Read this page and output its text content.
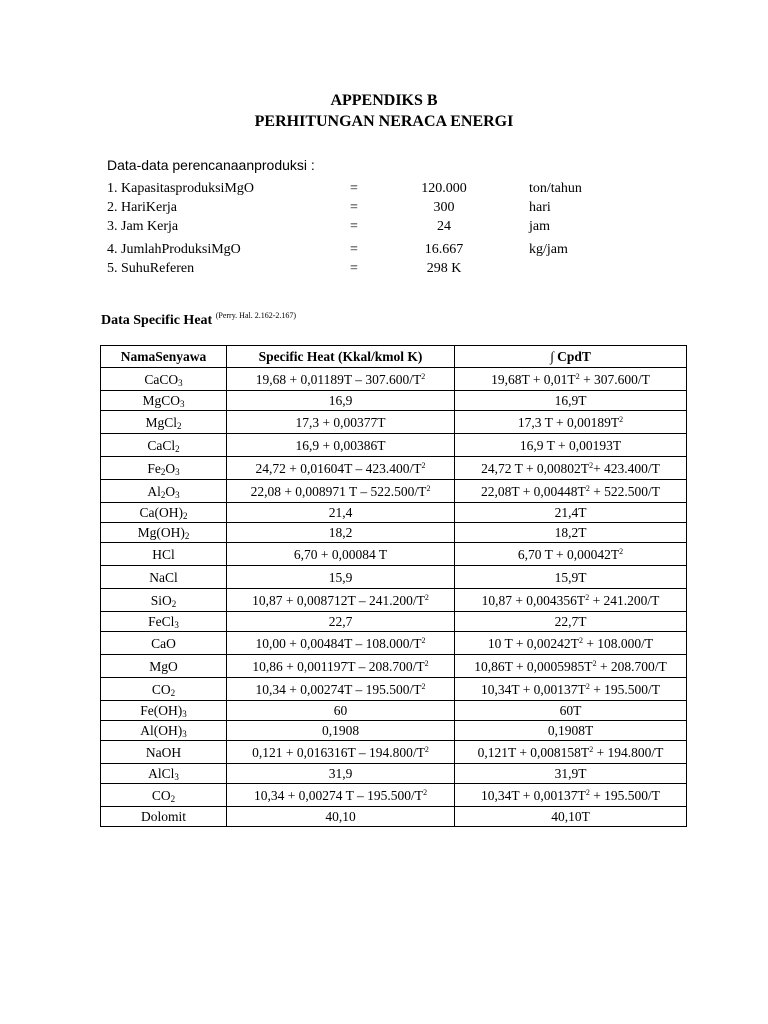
APPENDIKS B
PERHITUNGAN NERACA ENERGI
Data-data perencanaanproduksi :
1. KapasitasproduksiMgO	=	120.000	ton/tahun
2. HariKerja	=	300	hari
3. Jam Kerja	=	24	jam
4. JumlahProduksiMgO	=	16.667	kg/jam
5. SuhuReferen	=	298 K
Data Specific Heat $^{(Perry. Hal. 2.162-2.167)}$
NamaSenyawa	Specific Heat (Kkal/kmol K)	∫ CpdT
CaCO$_3$	$19,68 + 0,01189T - 307.600/T^2$	$19,68T + 0,01T^2 + 307.600/T$
MgCO$_3$	16,9	16,9T
MgCl$_2$	17,3 + 0,00377T	17,3 $T + 0,00189T^2$
CaCl$_2$	16,9 + 0,00386T	16,9 T + 0,00193T
$Fe_2O_3$	$24,72 + 0,01604T - 423.400/T^2$	24,72 $T + 0,00802T^2+ 423.400/T$
$Al_2O_3$	22,08 + 0,008971 T – $522.500/T^2$	$22,08T + 0,00448T^2 + 522.500/T$
$Ca(OH)_2$	21,4	21,4T
$Mg(OH)_2$	18,2	18,2T
HCl	6,70 + 0,00084 T	6,70 $T + 0,00042T^2$
NaCl	15,9	15,9T
SiO$_2$	$10,87 + 0,008712T - 241.200/T^2$	$10,87 + 0,004356T^2 + 241.200/T$
FeCl$_3$	22,7	22,7T
CaO	$10,00 + 0,00484T - 108.000/T^2$	10 $T + 0,00242T^2 + 108.000/T$
MgO	$10,86 + 0,001197T - 208.700/T^2$	$10,86T + 0,0005985T^2 + 208.700/T$
$CO_2$	$10,34 + 0,00274T - 195.500/T^2$	$10,34T + 0,00137T^2 + 195.500/T$
$Fe(OH)_3$	60	60T
$Al(OH)_3$	0,1908	0,1908T
NaOH	$0,121 + 0,016316T - 194.800/T^2$	$0,121T + 0,008158T^2 + 194.800/T$
AlCl$_3$	31,9	31,9T
$CO_2$	10,34 + 0,00274 T – $195.500/T^2$	$10,34T + 0,00137T^2 + 195.500/T$
Dolomit	40,10	40,10T
